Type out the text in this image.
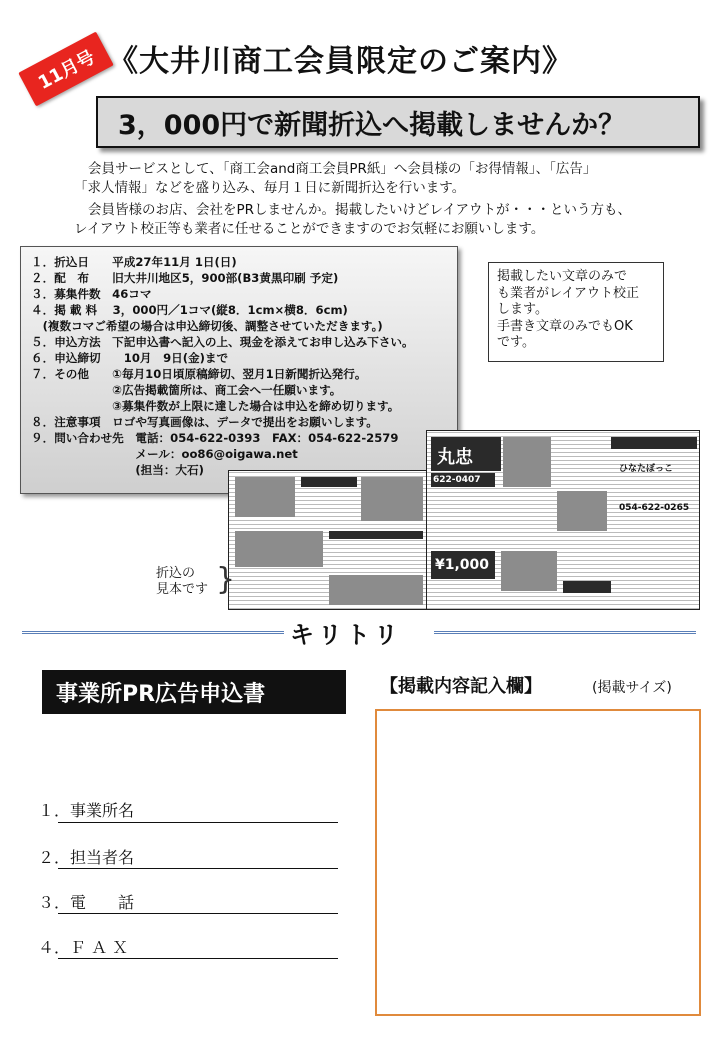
11月号 《大井川商工会員限定のご案内》
3，000円で新聞折込へ掲載しませんか？
会員サービスとして、「商工会and商工会員PR紙」へ会員様の「お得情報」、「広告」
「求人情報」などを盛り込み、毎月１日に新聞折込を行います。
会員皆様のお店、会社をPRしませんか。掲載したいけどレイアウトが・・・という方も、
レイアウト校正等も業者に任せることができますのでお気軽にお願いします。
１．折込日　　平成27年11月 1日(日)
２．配　布　　旧大井川地区5，900部(B3黄黒印刷 予定)
３．募集件数　46コマ
４．掲 載 料　 3，000円／1コマ(縦8．1cm×横8．6cm)
　(複数コマご希望の場合は申込締切後、調整させていただきます。)
５．申込方法　下記申込書へ記入の上、現金を添えてお申し込み下さい。
６．申込締切　　10月　9日(金)まで
７．その他　　①毎月10日頃原稿締切、翌月1日新聞折込発行。
　　　　　　　②広告掲載箇所は、商工会へ一任願います。
　　　　　　　③募集件数が上限に達した場合は申込を締め切ります。
８．注意事項　ロゴや写真画像は、データで提出をお願いします。
９．問い合わせ先　電話：054-622-0393　FAX：054-622-2579
　　　　　　　　　メール：oo86@oigawa.net
　　　　　　　　　(担当：大石)
掲載したい文章のみで
も業者がレイアウト校正
します。
手書き文章のみでもOK
です。
丸忠
622-0407
ひなたぼっこ
054-622-0265
¥1,000
折込の
見本です }
キリトリ
事業所PR広告申込書	【掲載内容記入欄】	(掲載サイズ)
１．事業所名
２．担当者名
３．電　　話
４．Ｆ Ａ Ｘ
